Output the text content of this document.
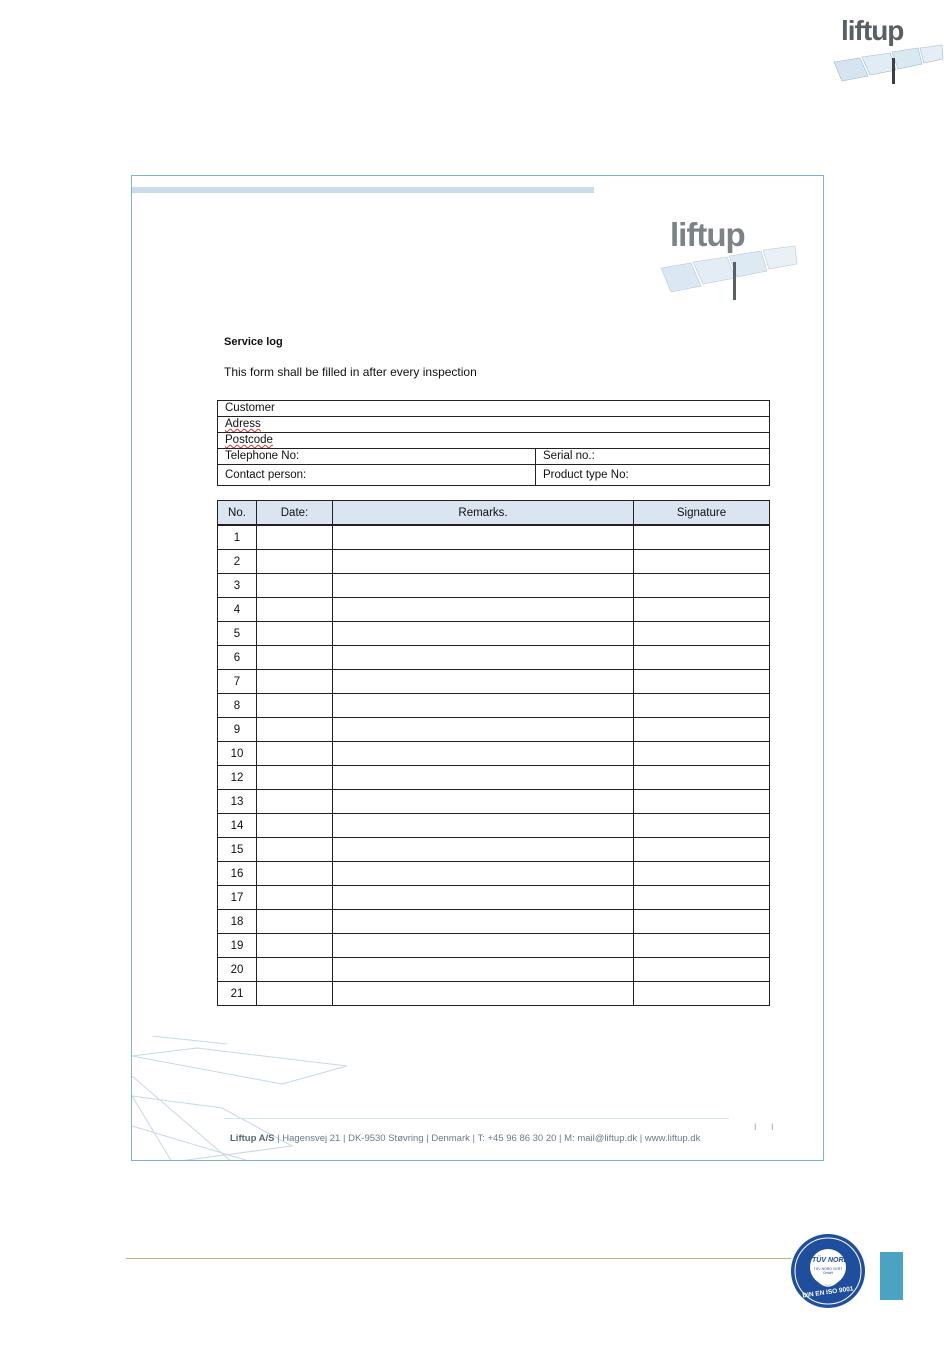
liftup
liftup
Service log
This form shall be filled in after every inspection
Customer	
Adress	
Postcode	
Telephone No:	Serial no.:
Contact person:	Product type No:
No.	Date:	Remarks.	Signature
1			
2			
3			
4			
5			
6			
7			
8			
9			
10			
12			
13			
14			
15			
16			
17			
18			
19			
20			
21			
Liftup A/S | Hagensvej 21 | DK-9530 Støvring | Denmark | T: +45 96 86 30 20 | M: mail@liftup.dk | www.liftup.dk
I I
TÜV NORD
TÜV NORD CERT GmbH
DIN EN ISO 9001
